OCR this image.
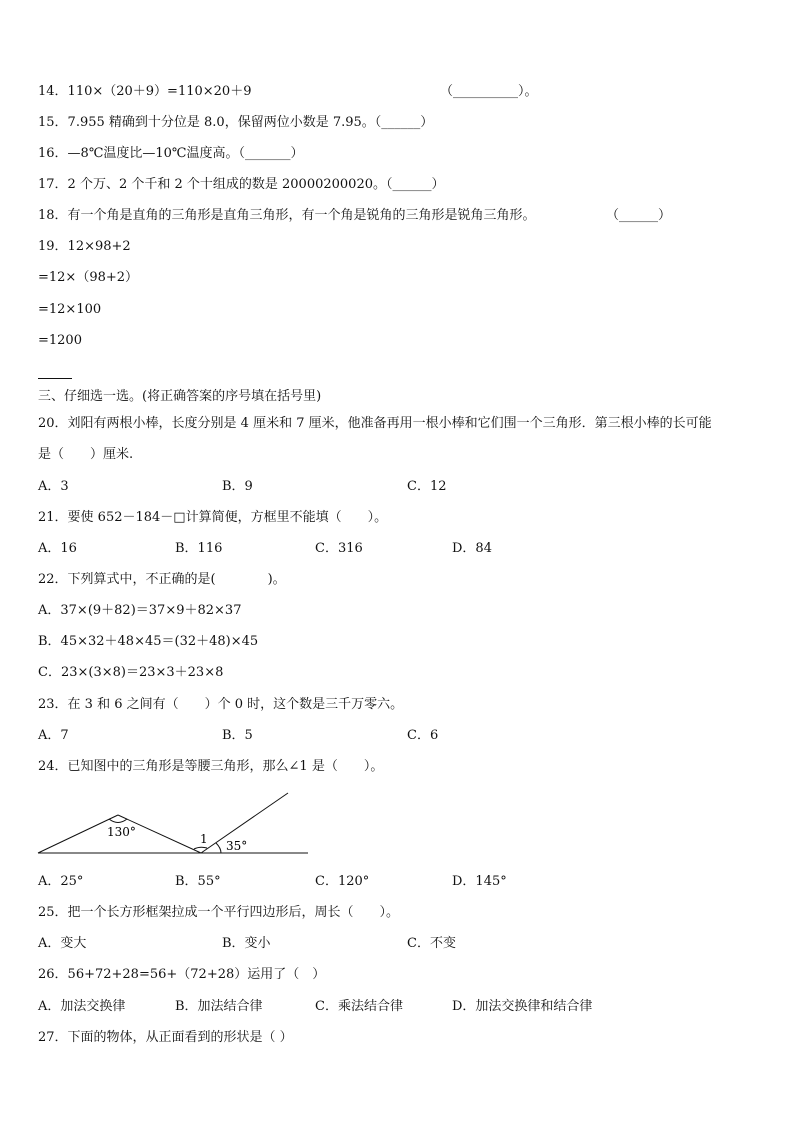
14．110×（20＋9）=110×20＋9	（__________）。
15．7.955 精确到十分位是 8.0，保留两位小数是 7.95。（______）
16．—8℃温度比—10℃温度高。（_______）
17．2 个万、2 个千和 2 个十组成的数是 20000200020。（______）
18．有一个角是直角的三角形是直角三角形，有一个角是锐角的三角形是锐角三角形。	（______）
19．12×98+2
=12×（98+2）
=12×100
=1200
三、仔细选一选。(将正确答案的序号填在括号里)
20．刘阳有两根小棒，长度分别是 4 厘米和 7 厘米，他准备再用一根小棒和它们围一个三角形．第三根小棒的长可能
是（　　）厘米.
A．3	B．9	C．12
21．要使 652－184－□计算简便，方框里不能填（　　）。
A．16	B．116	C．316	D．84
22．下列算式中，不正确的是(　　　　)。
A．37×(9＋82)＝37×9＋82×37
B．45×32＋48×45＝(32＋48)×45
C．23×(3×8)＝23×3＋23×8
23．在 3 和 6 之间有（　　）个 0 时，这个数是三千万零六。
A．7	B．5	C．6
24．已知图中的三角形是等腰三角形，那么∠1 是（　　）。
130°	1 35°
A．25°	B．55°	C．120°	D．145°
25．把一个长方形框架拉成一个平行四边形后，周长（　　）。
A．变大	B．变小	C．不变
26．56+72+28=56+（72+28）运用了（　）
A．加法交换律	B．加法结合律	C．乘法结合律	D．加法交换律和结合律
27．下面的物体，从正面看到的形状是（ ）
